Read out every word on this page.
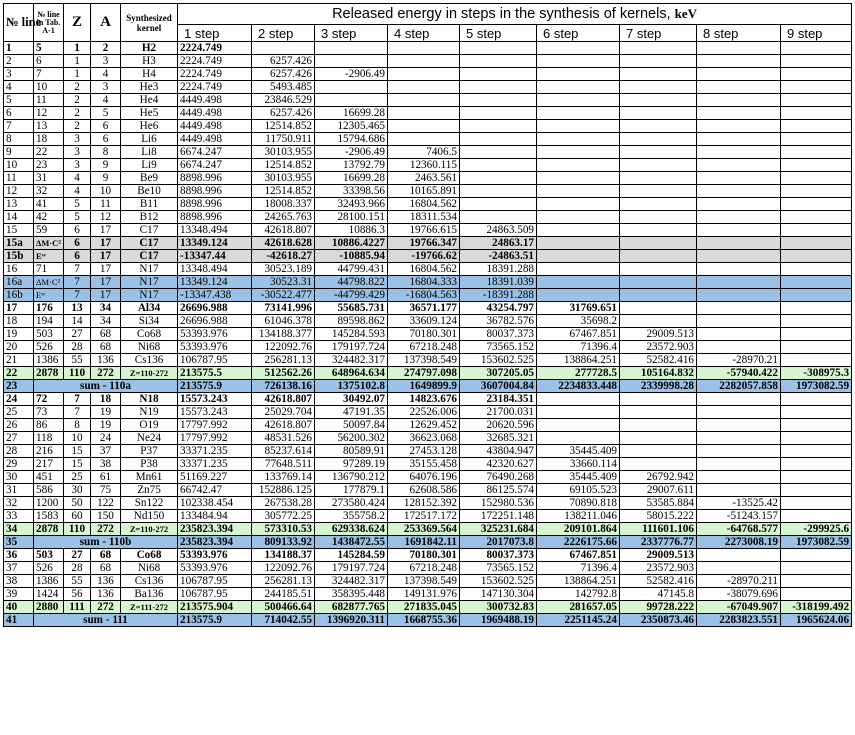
№ line	№ line in Tab. A-1	Z	A	Synthesized kernel	Released energy in steps in the synthesis of kernels, keV								
					1 step	2 step	3 step	4 step	5 step	6 step	7 step	8 step	9 step
1	5	1	2	H2	2224.749								
2	6	1	3	H3	2224.749	6257.426							
3	7	1	4	H4	2224.749	6257.426	-2906.49						
4	10	2	3	He3	2224.749	5493.485							
5	11	2	4	He4	4449.498	23846.529							
6	12	2	5	He5	4449.498	6257.426	16699.28						
7	13	2	6	He6	4449.498	12514.852	12305.465						
8	18	3	6	Li6	4449.498	11750.911	15794.686						
9	22	3	8	Li8	6674.247	30103.955	-2906.49	7406.5					
10	23	3	9	Li9	6674.247	12514.852	13792.79	12360.115					
11	31	4	9	Be9	8898.996	30103.955	16699.28	2463.561					
12	32	4	10	Be10	8898.996	12514.852	33398.56	10165.891					
13	41	5	11	B11	8898.996	18008.337	32493.966	16804.562					
14	42	5	12	B12	8898.996	24265.763	28100.151	18311.534					
15	59	6	17	C17	13348.494	42618.807	10886.3	19766.615	24863.509				
15a	ΔM·C²	6	17	C17	13349.124	42618.628	10886.4227	19766.347	24863.17				
15b	Eˢᵛ	6	17	C17	-13347.44	-42618.27	-10885.94	-19766.62	-24863.51				
16	71	7	17	N17	13348.494	30523.189	44799.431	16804.562	18391.288				
16a	ΔM·C²	7	17	N17	13349.124	30523.31	44798.822	16804.333	18391.039				
16b	Eˢᵛ	7	17	N17	-13347.438	-30522.477	-44799.429	-16804.563	-18391.288				
17	176	13	34	Al34	26696.988	73141.996	55685.731	36571.177	43254.797	31769.651			
18	194	14	34	Si34	26696.988	61046.378	89598.862	33609.124	36782.576	35698.2			
19	503	27	68	Co68	53393.976	134188.377	145284.593	70180.301	80037.373	67467.851	29009.513		
20	526	28	68	Ni68	53393.976	122092.76	179197.724	67218.248	73565.152	71396.4	23572.903		
21	1386	55	136	Cs136	106787.95	256281.13	324482.317	137398.549	153602.525	138864.251	52582.416	-28970.21	
22	2878	110	272	Z=110-272	213575.5	512562.26	648964.634	274797.098	307205.05	277728.5	105164.832	-57940.422	-308975.3
23	sum - 110a				213575.9	726138.16	1375102.8	1649899.9	3607004.84	2234833.448	2339998.28	2282057.858	1973082.59
24	72	7	18	N18	15573.243	42618.807	30492.07	14823.676	23184.351				
25	73	7	19	N19	15573.243	25029.704	47191.35	22526.006	21700.031				
26	86	8	19	O19	17797.992	42618.807	50097.84	12629.452	20620.596				
27	118	10	24	Ne24	17797.992	48531.526	56200.302	36623.068	32685.321				
28	216	15	37	P37	33371.235	85237.614	80589.91	27453.128	43804.947	35445.409			
29	217	15	38	P38	33371.235	77648.511	97289.19	35155.458	42320.627	33660.114			
30	451	25	61	Mn61	51169.227	133769.14	136790.212	64076.196	76490.268	35445.409	26792.942		
31	586	30	75	Zn75	66742.47	152886.125	177879.1	62608.586	86125.574	69105.523	29007.611		
32	1200	50	122	Sn122	102338.454	267538.28	273580.424	128152.392	152980.536	70890.818	53585.884	-13525.42	
33	1583	60	150	Nd150	133484.94	305772.25	355758.2	172517.172	172251.148	138211.046	58015.222	-51243.157	
34	2878	110	272	Z=110-272	235823.394	573310.53	629338.624	253369.564	325231.684	209101.864	111601.106	-64768.577	-299925.6
35	sum - 110b				235823.394	809133.92	1438472.55	1691842.11	2017073.8	2226175.66	2337776.77	2273008.19	1973082.59
36	503	27	68	Co68	53393.976	134188.37	145284.59	70180.301	80037.373	67467.851	29009.513		
37	526	28	68	Ni68	53393.976	122092.76	179197.724	67218.248	73565.152	71396.4	23572.903		
38	1386	55	136	Cs136	106787.95	256281.13	324482.317	137398.549	153602.525	138864.251	52582.416	-28970.211	
39	1424	56	136	Ba136	106787.95	244185.51	358395.448	149131.976	147130.304	142792.8	47145.8	-38079.696	
40	2880	111	272	Z=111-272	213575.904	500466.64	682877.765	271835.045	300732.83	281657.05	99728.222	-67049.907	-318199.492
41	sum - 111				213575.9	714042.55	1396920.311	1668755.36	1969488.19	2251145.24	2350873.46	2283823.551	1965624.06
